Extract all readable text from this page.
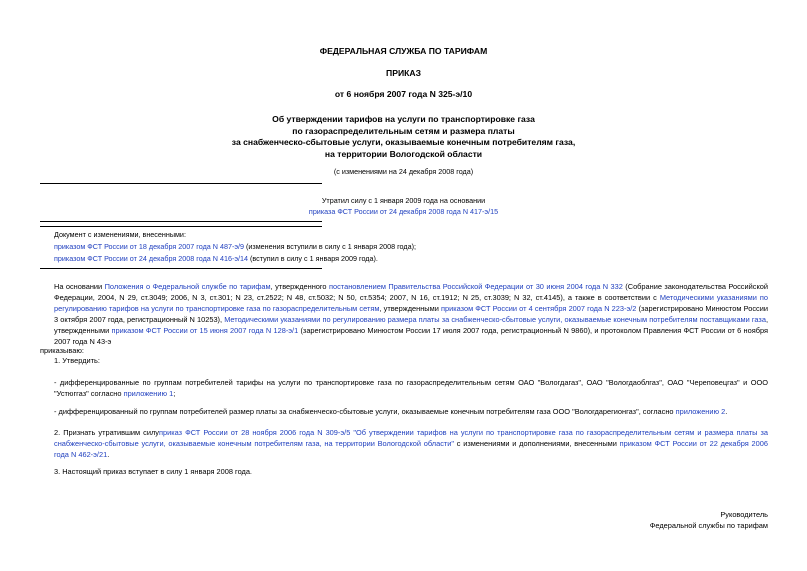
ФЕДЕРАЛЬНАЯ СЛУЖБА ПО ТАРИФАМ
ПРИКАЗ
от 6 ноября 2007 года N 325-э/10
Об утверждении тарифов на услуги по транспортировке газа
по газораспределительным сетям и размера платы
за снабженческо-сбытовые услуги, оказываемые конечным потребителям газа,
на территории Вологодской области
(с изменениями на 24 декабря 2008 года)
Утратил силу с 1 января 2009 года на основании
приказа ФСТ России от 24 декабря 2008 года N 417-э/15
Документ с изменениями, внесенными:
приказом ФСТ России от 18 декабря 2007 года N 487-э/9 (изменения вступили в силу с 1 января 2008 года);
приказом ФСТ России от 24 декабря 2008 года N 416-э/14 (вступил в силу с 1 января 2009 года).
На основании Положения о Федеральной службе по тарифам, утвержденного постановлением Правительства Российской Федерации от 30 июня 2004 года N 332 (Собрание законодательства Российской Федерации, 2004, N 29, ст.3049; 2006, N 3, ст.301; N 23, ст.2522; N 48, ст.5032; N 50, ст.5354; 2007, N 16, ст.1912; N 25, ст.3039; N 32, ст.4145), а также в соответствии с Методическими указаниями по регулированию тарифов на услуги по транспортировке газа по газораспределительным сетям, утвержденными приказом ФСТ России от 4 сентября 2007 года N 223-э/2 (зарегистрировано Минюстом России 3 октября 2007 года, регистрационный N 10253), Методическими указаниями по регулированию размера платы за снабженческо-сбытовые услуги, оказываемые конечным потребителям поставщиками газа, утвержденными приказом ФСТ России от 15 июня 2007 года N 128-э/1 (зарегистрировано Минюстом России 17 июля 2007 года, регистрационный N 9860), и протоколом Правления ФСТ России от 6 ноября 2007 года N 43-э
приказываю:
1. Утвердить:
- дифференцированные по группам потребителей тарифы на услуги по транспортировке газа по газораспределительным сетям ОАО "Вологдагаз", ОАО "Вологдаоблгаз", ОАО "Череповецгаз" и ООО "Устюггаз" согласно приложению 1;
- дифференцированный по группам потребителей размер платы за снабженческо-сбытовые услуги, оказываемые конечным потребителям газа ООО "Вологдарегионгаз", согласно приложению 2.
2. Признать утратившим силуприказ ФСТ России от 28 ноября 2006 года N 309-э/5 "Об утверждении тарифов на услуги по транспортировке газа по газораспределительным сетям и размера платы за снабженческо-сбытовые услуги, оказываемые конечным потребителям газа, на территории Вологодской области" с изменениями и дополнениями, внесенными приказом ФСТ России от 22 декабря 2006 года N 462-э/21.
3. Настоящий приказ вступает в силу 1 января 2008 года.
Руководитель
Федеральной службы по тарифам
